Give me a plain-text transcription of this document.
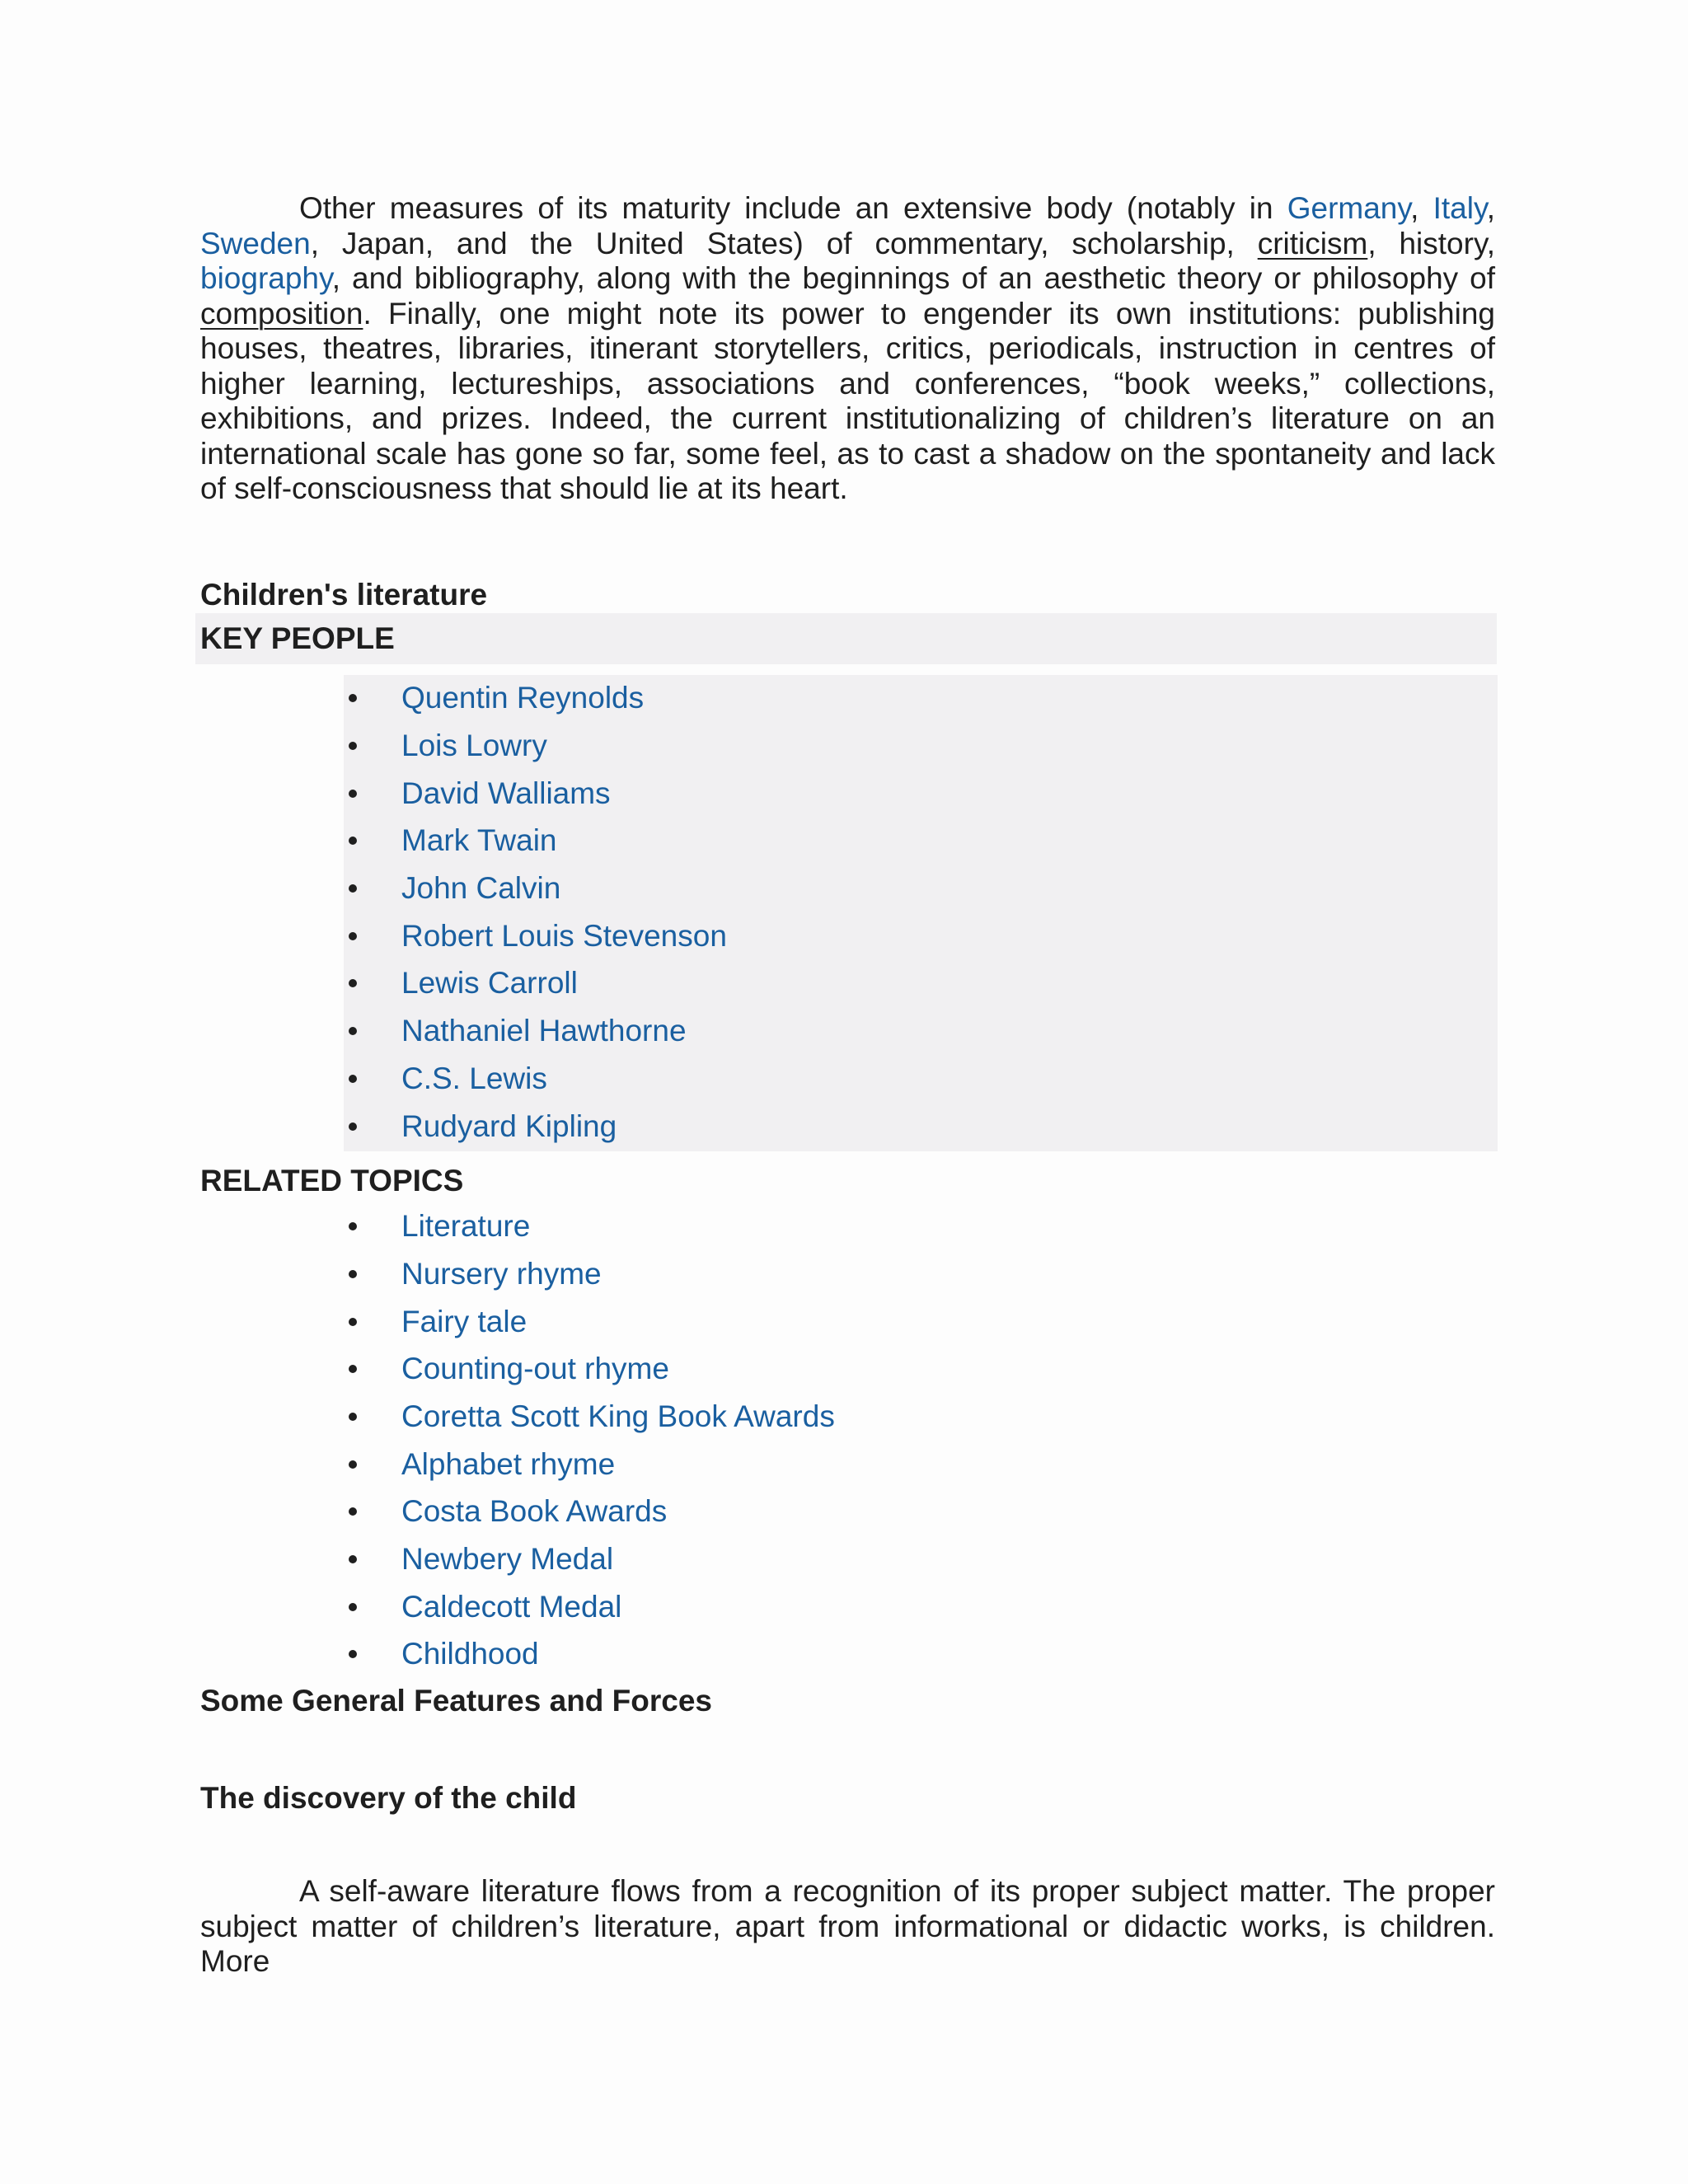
Other measures of its maturity include an extensive body (notably in Germany, Italy, Sweden, Japan, and the United States) of commentary, scholarship, criticism, history, biography, and bibliography, along with the beginnings of an aesthetic theory or philosophy of composition. Finally, one might note its power to engender its own institutions: publishing houses, theatres, libraries, itinerant storytellers, critics, periodicals, instruction in centres of higher learning, lectureships, associations and conferences, “book weeks,” collections, exhibitions, and prizes. Indeed, the current institutionalizing of children’s literature on an international scale has gone so far, some feel, as to cast a shadow on the spontaneity and lack of self-consciousness that should lie at its heart.

Children's literature

KEY PEOPLE
Quentin Reynolds
Lois Lowry
David Walliams
Mark Twain
John Calvin
Robert Louis Stevenson
Lewis Carroll
Nathaniel Hawthorne
C.S. Lewis
Rudyard Kipling

RELATED TOPICS

Literature
Nursery rhyme
Fairy tale
Counting-out rhyme
Coretta Scott King Book Awards
Alphabet rhyme
Costa Book Awards
Newbery Medal
Caldecott Medal
Childhood

Some General Features and Forces

The discovery of the child

A self-aware literature flows from a recognition of its proper subject matter. The proper subject matter of children’s literature, apart from informational or didactic works, is children. More
